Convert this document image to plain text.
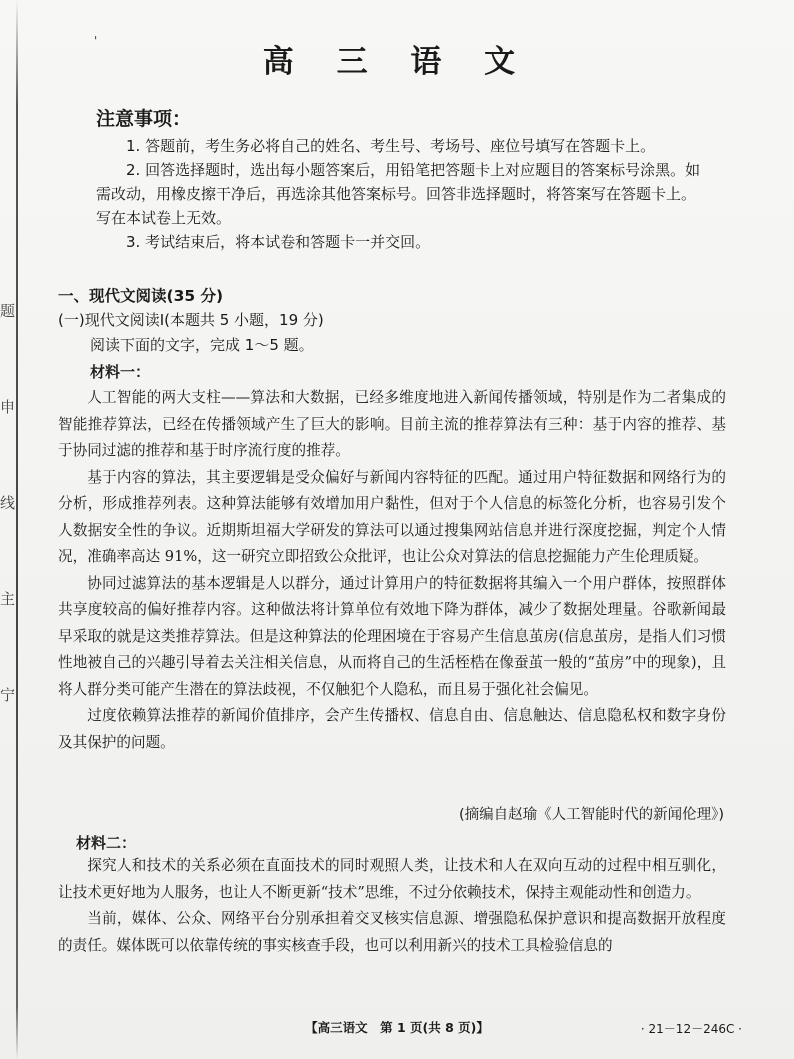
题
申
线
主
宁
'
高 三 语 文
注意事项：

1. 答题前，考生务必将自己的姓名、考生号、考场号、座位号填写在答题卡上。

2. 回答选择题时，选出每小题答案后，用铅笔把答题卡上对应题目的答案标号涂黑。如需改动，用橡皮擦干净后，再选涂其他答案标号。回答非选择题时，将答案写在答题卡上。写在本试卷上无效。

3. 考试结束后，将本试卷和答题卡一并交回。

一、现代文阅读(35 分)
(一)现代文阅读Ⅰ(本题共 5 小题，19 分)
阅读下面的文字，完成 1～5 题。
材料一：

人工智能的两大支柱——算法和大数据，已经多维度地进入新闻传播领域，特别是作为二者集成的智能推荐算法，已经在传播领域产生了巨大的影响。目前主流的推荐算法有三种：基于内容的推荐、基于协同过滤的推荐和基于时序流行度的推荐。

基于内容的算法，其主要逻辑是受众偏好与新闻内容特征的匹配。通过用户特征数据和网络行为的分析，形成推荐列表。这种算法能够有效增加用户黏性，但对于个人信息的标签化分析，也容易引发个人数据安全性的争议。近期斯坦福大学研发的算法可以通过搜集网站信息并进行深度挖掘，判定个人情况，准确率高达 91%，这一研究立即招致公众批评，也让公众对算法的信息挖掘能力产生伦理质疑。

协同过滤算法的基本逻辑是人以群分，通过计算用户的特征数据将其编入一个用户群体，按照群体共享度较高的偏好推荐内容。这种做法将计算单位有效地下降为群体，减少了数据处理量。谷歌新闻最早采取的就是这类推荐算法。但是这种算法的伦理困境在于容易产生信息茧房(信息茧房，是指人们习惯性地被自己的兴趣引导着去关注相关信息，从而将自己的生活桎梏在像蚕茧一般的“茧房”中的现象)，且将人群分类可能产生潜在的算法歧视，不仅触犯个人隐私，而且易于强化社会偏见。

过度依赖算法推荐的新闻价值排序，会产生传播权、信息自由、信息触达、信息隐私权和数字身份及其保护的问题。

(摘编自赵瑜《人工智能时代的新闻伦理》)
材料二：

探究人和技术的关系必须在直面技术的同时观照人类，让技术和人在双向互动的过程中相互驯化，让技术更好地为人服务，也让人不断更新“技术”思维，不过分依赖技术，保持主观能动性和创造力。

当前，媒体、公众、网络平台分别承担着交叉核实信息源、增强隐私保护意识和提高数据开放程度的责任。媒体既可以依靠传统的事实核查手段，也可以利用新兴的技术工具检验信息的

【高三语文　第 1 页(共 8 页)】	· 21－12－246C ·
